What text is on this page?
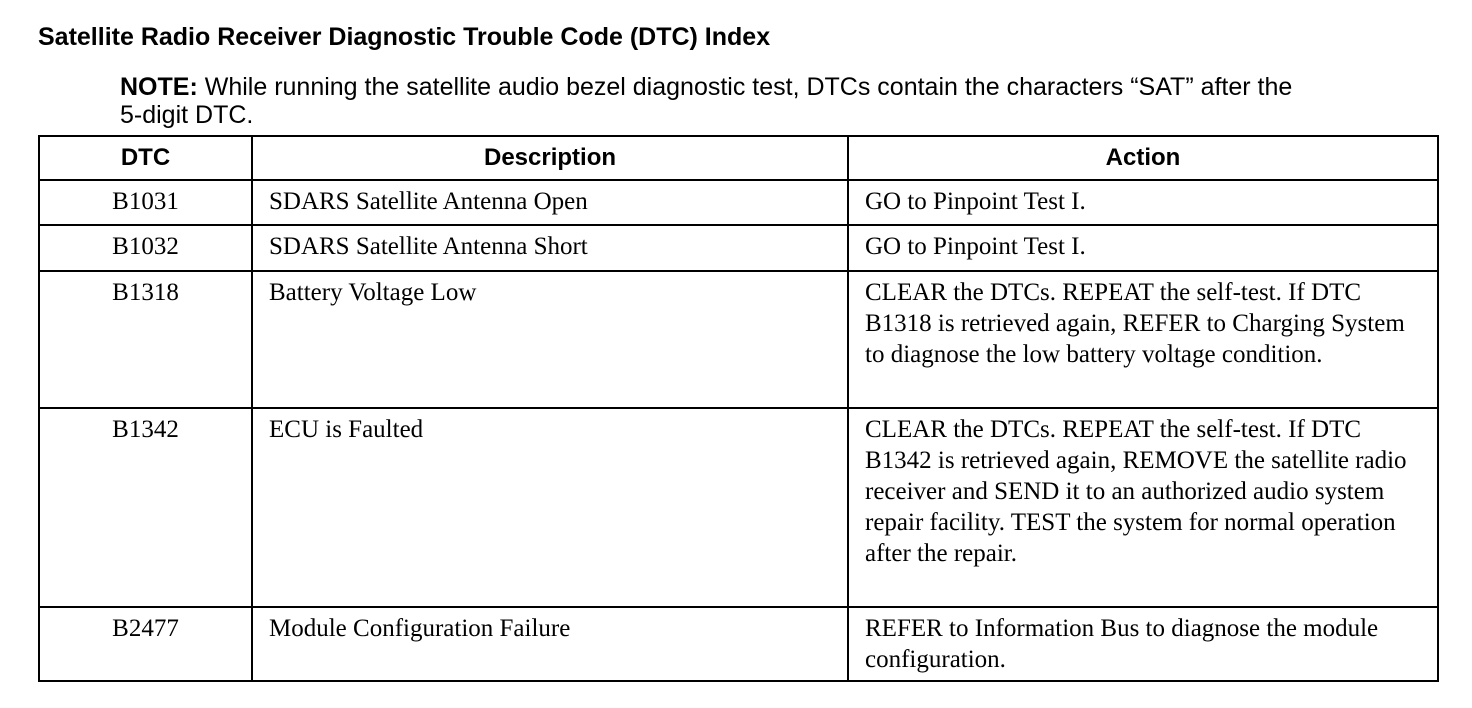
Satellite Radio Receiver Diagnostic Trouble Code (DTC) Index
NOTE: While running the satellite audio bezel diagnostic test, DTCs contain the characters “SAT” after the 5-digit DTC.
DTC	Description	Action
B1031	SDARS Satellite Antenna Open	GO to Pinpoint Test I.
B1032	SDARS Satellite Antenna Short	GO to Pinpoint Test I.
B1318	Battery Voltage Low	CLEAR the DTCs. REPEAT the self-test. If DTC B1318 is retrieved again, REFER to Charging System to diagnose the low battery voltage condition.
B1342	ECU is Faulted	CLEAR the DTCs. REPEAT the self-test. If DTC B1342 is retrieved again, REMOVE the satellite radio receiver and SEND it to an authorized audio system repair facility. TEST the system for normal operation after the repair.
B2477	Module Configuration Failure	REFER to Information Bus to diagnose the module configuration.
